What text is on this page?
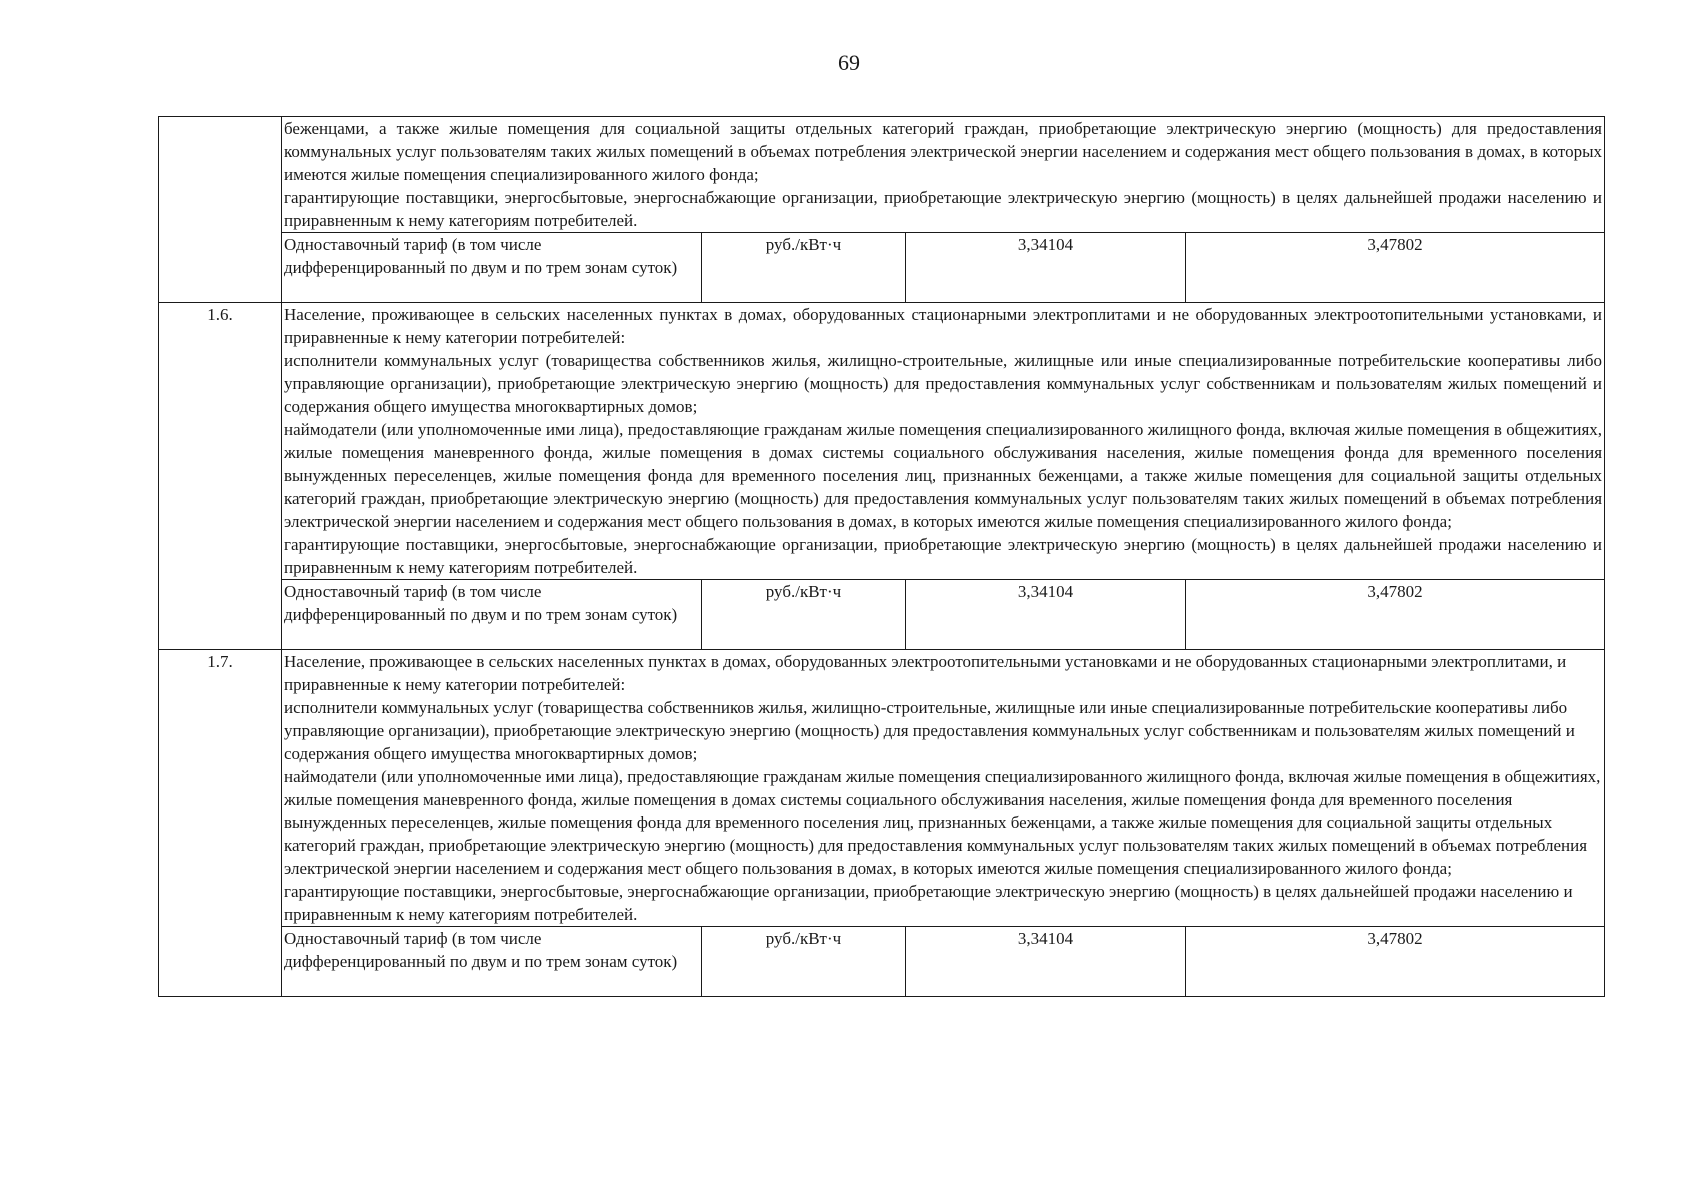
69

	беженцами, а также жилые помещения для социальной защиты отдельных категорий граждан, приобретающие электрическую энергию (мощность) для предоставления коммунальных услуг пользователям таких жилых помещений в объемах потребления электрической энергии населением и содержания мест общего пользования в домах, в которых имеются жилые помещения специализированного жилого фонда;

гарантирующие поставщики, энергосбытовые, энергоснабжающие организации, приобретающие электрическую энергию (мощность) в целях дальнейшей продажи населению и приравненным к нему категориям потребителей.			

	Одноставочный тариф (в том числе дифференцированный по двум и по трем зонам суток)	руб./кВт·ч	3,34104	3,47802
1.6.	Население, проживающее в сельских населенных пунктах в домах, оборудованных стационарными электроплитами и не оборудованных электроотопительными установками, и приравненные к нему категории потребителей:

исполнители коммунальных услуг (товарищества собственников жилья, жилищно-строительные, жилищные или иные специализированные потребительские кооперативы либо управляющие организации), приобретающие электрическую энергию (мощность) для предоставления коммунальных услуг собственникам и пользователям жилых помещений и содержания общего имущества многоквартирных домов;

наймодатели (или уполномоченные ими лица), предоставляющие гражданам жилые помещения специализированного жилищного фонда, включая жилые помещения в общежитиях, жилые помещения маневренного фонда, жилые помещения в домах системы социального обслуживания населения, жилые помещения фонда для временного поселения вынужденных переселенцев, жилые помещения фонда для временного поселения лиц, признанных беженцами, а также жилые помещения для социальной защиты отдельных категорий граждан, приобретающие электрическую энергию (мощность) для предоставления коммунальных услуг пользователям таких жилых помещений в объемах потребления электрической энергии населением и содержания мест общего пользования в домах, в которых имеются жилые помещения специализированного жилого фонда;

гарантирующие поставщики, энергосбытовые, энергоснабжающие организации, приобретающие электрическую энергию (мощность) в целях дальнейшей продажи населению и приравненным к нему категориям потребителей.			

	Одноставочный тариф (в том числе дифференцированный по двум и по трем зонам суток)	руб./кВт·ч	3,34104	3,47802
1.7.	Население, проживающее в сельских населенных пунктах в домах, оборудованных электроотопительными установками и не оборудованных стационарными электроплитами, и приравненные к нему категории потребителей:

исполнители коммунальных услуг (товарищества собственников жилья, жилищно-строительные, жилищные или иные специализированные потребительские кооперативы либо управляющие организации), приобретающие электрическую энергию (мощность) для предоставления коммунальных услуг собственникам и пользователям жилых помещений и содержания общего имущества многоквартирных домов;

наймодатели (или уполномоченные ими лица), предоставляющие гражданам жилые помещения специализированного жилищного фонда, включая жилые помещения в общежитиях, жилые помещения маневренного фонда, жилые помещения в домах системы социального обслуживания населения, жилые помещения фонда для временного поселения вынужденных переселенцев, жилые помещения фонда для временного поселения лиц, признанных беженцами, а также жилые помещения для социальной защиты отдельных категорий граждан, приобретающие электрическую энергию (мощность) для предоставления коммунальных услуг пользователям таких жилых помещений в объемах потребления электрической энергии населением и содержания мест общего пользования в домах, в которых имеются жилые помещения специализированного жилого фонда;

гарантирующие поставщики, энергосбытовые, энергоснабжающие организации, приобретающие электрическую энергию (мощность) в целях дальнейшей продажи населению и приравненным к нему категориям потребителей.			

	Одноставочный тариф (в том числе дифференцированный по двум и по трем зонам суток)	руб./кВт·ч	3,34104	3,47802
